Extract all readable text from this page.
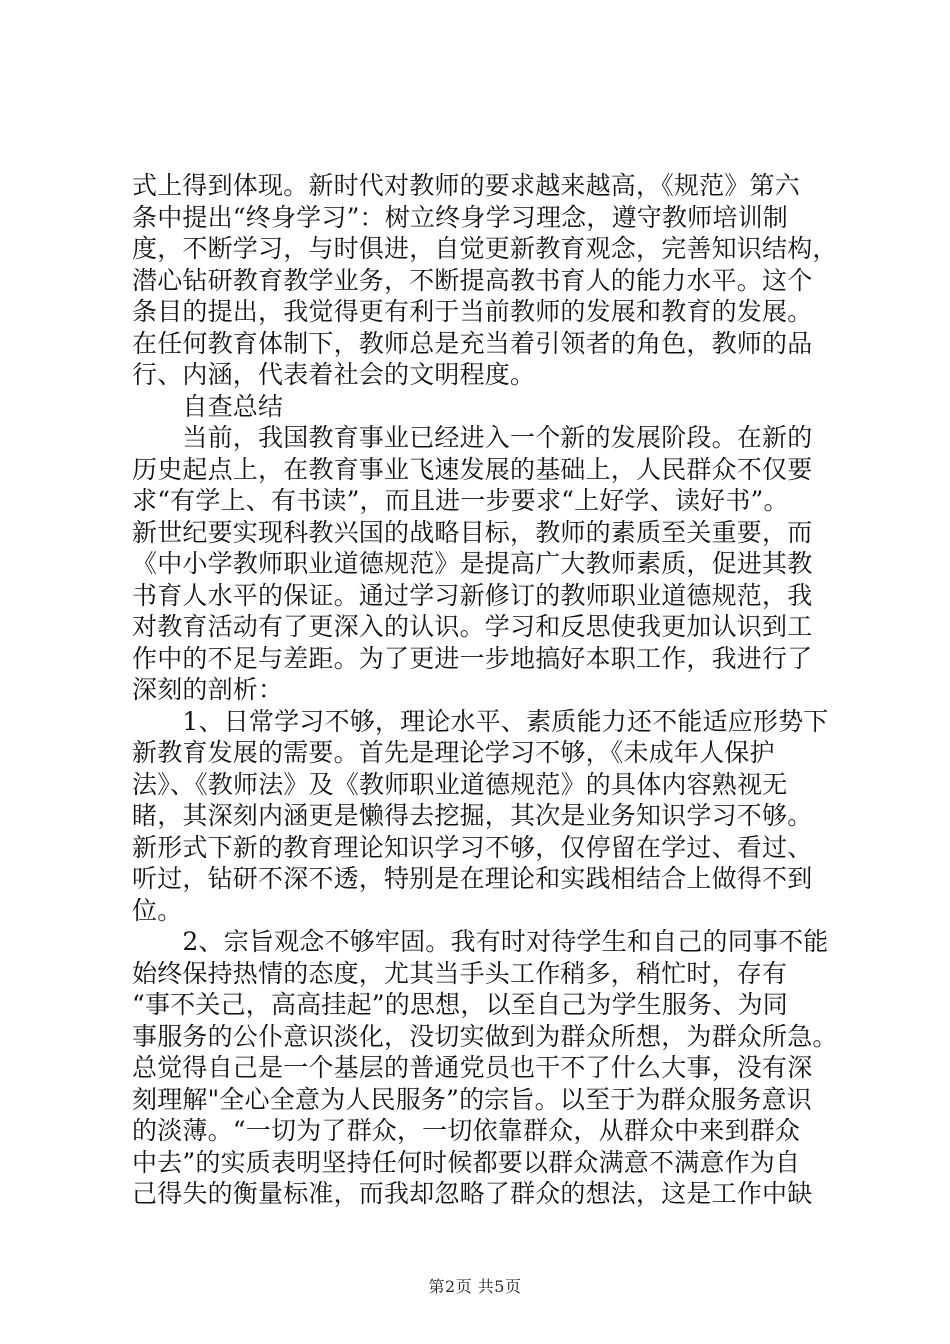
式上得到体现。新时代对教师的要求越来越高，《规范》第六
条中提出“终身学习”：树立终身学习理念，遵守教师培训制
度，不断学习，与时俱进，自觉更新教育观念，完善知识结构，
潜心钻研教育教学业务，不断提高教书育人的能力水平。这个
条目的提出，我觉得更有利于当前教师的发展和教育的发展。
在任何教育体制下，教师总是充当着引领者的角色，教师的品
行、内涵，代表着社会的文明程度。
　　自查总结
　　当前，我国教育事业已经进入一个新的发展阶段。在新的
历史起点上，在教育事业飞速发展的基础上，人民群众不仅要
求“有学上、有书读”，而且进一步要求“上好学、读好书”。
新世纪要实现科教兴国的战略目标，教师的素质至关重要，而
《中小学教师职业道德规范》是提高广大教师素质，促进其教
书育人水平的保证。通过学习新修订的教师职业道德规范，我
对教育活动有了更深入的认识。学习和反思使我更加认识到工
作中的不足与差距。为了更进一步地搞好本职工作，我进行了
深刻的剖析：
　　1、日常学习不够，理论水平、素质能力还不能适应形势下
新教育发展的需要。首先是理论学习不够，《未成年人保护
法》、《教师法》及《教师职业道德规范》的具体内容熟视无
睹，其深刻内涵更是懒得去挖掘，其次是业务知识学习不够。
新形式下新的教育理论知识学习不够，仅停留在学过、看过、
听过，钻研不深不透，特别是在理论和实践相结合上做得不到
位。
　　2、宗旨观念不够牢固。我有时对待学生和自己的同事不能
始终保持热情的态度，尤其当手头工作稍多，稍忙时，存有
“事不关己，高高挂起”的思想，以至自己为学生服务、为同
事服务的公仆意识淡化，没切实做到为群众所想，为群众所急。
总觉得自己是一个基层的普通党员也干不了什么大事，没有深
刻理解"全心全意为人民服务”的宗旨。以至于为群众服务意识
的淡薄。“一切为了群众，一切依靠群众，从群众中来到群众
中去”的实质表明坚持任何时候都要以群众满意不满意作为自
己得失的衡量标准，而我却忽略了群众的想法，这是工作中缺
第2页 共5页
